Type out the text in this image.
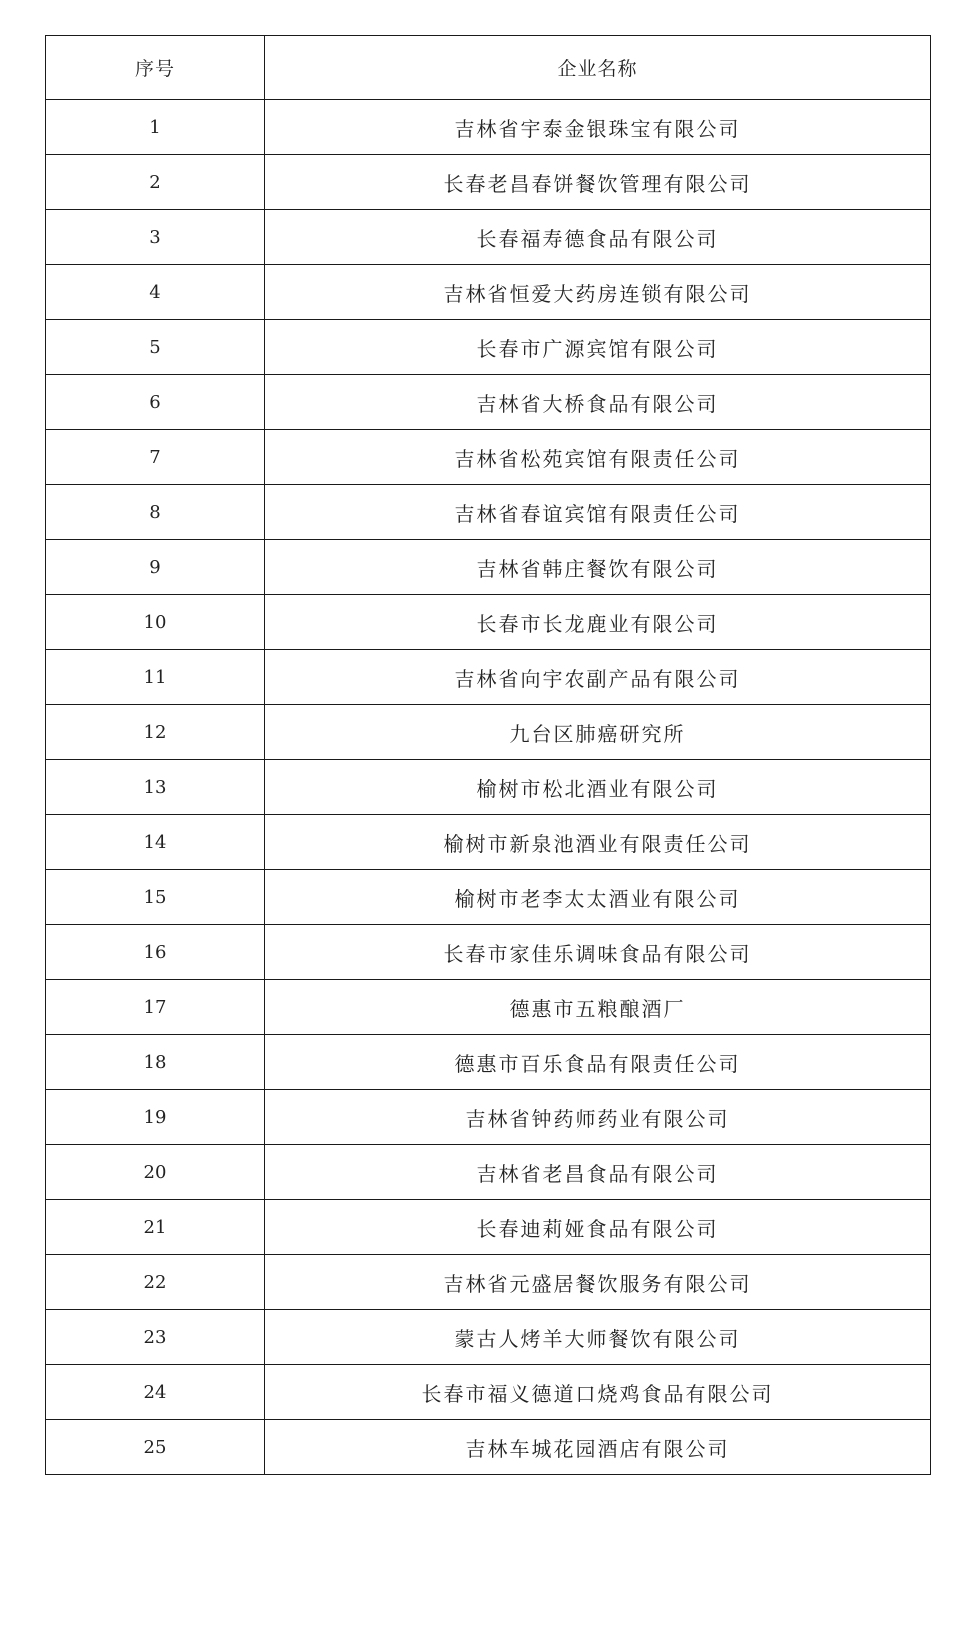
序号	企业名称
1	吉林省宇泰金银珠宝有限公司
2	长春老昌春饼餐饮管理有限公司
3	长春福寿德食品有限公司
4	吉林省恒爱大药房连锁有限公司
5	长春市广源宾馆有限公司
6	吉林省大桥食品有限公司
7	吉林省松苑宾馆有限责任公司
8	吉林省春谊宾馆有限责任公司
9	吉林省韩庄餐饮有限公司
10	长春市长龙鹿业有限公司
11	吉林省向宇农副产品有限公司
12	九台区肺癌研究所
13	榆树市松北酒业有限公司
14	榆树市新泉池酒业有限责任公司
15	榆树市老李太太酒业有限公司
16	长春市家佳乐调味食品有限公司
17	德惠市五粮酿酒厂
18	德惠市百乐食品有限责任公司
19	吉林省钟药师药业有限公司
20	吉林省老昌食品有限公司
21	长春迪莉娅食品有限公司
22	吉林省元盛居餐饮服务有限公司
23	蒙古人烤羊大师餐饮有限公司
24	长春市福义德道口烧鸡食品有限公司
25	吉林车城花园酒店有限公司
